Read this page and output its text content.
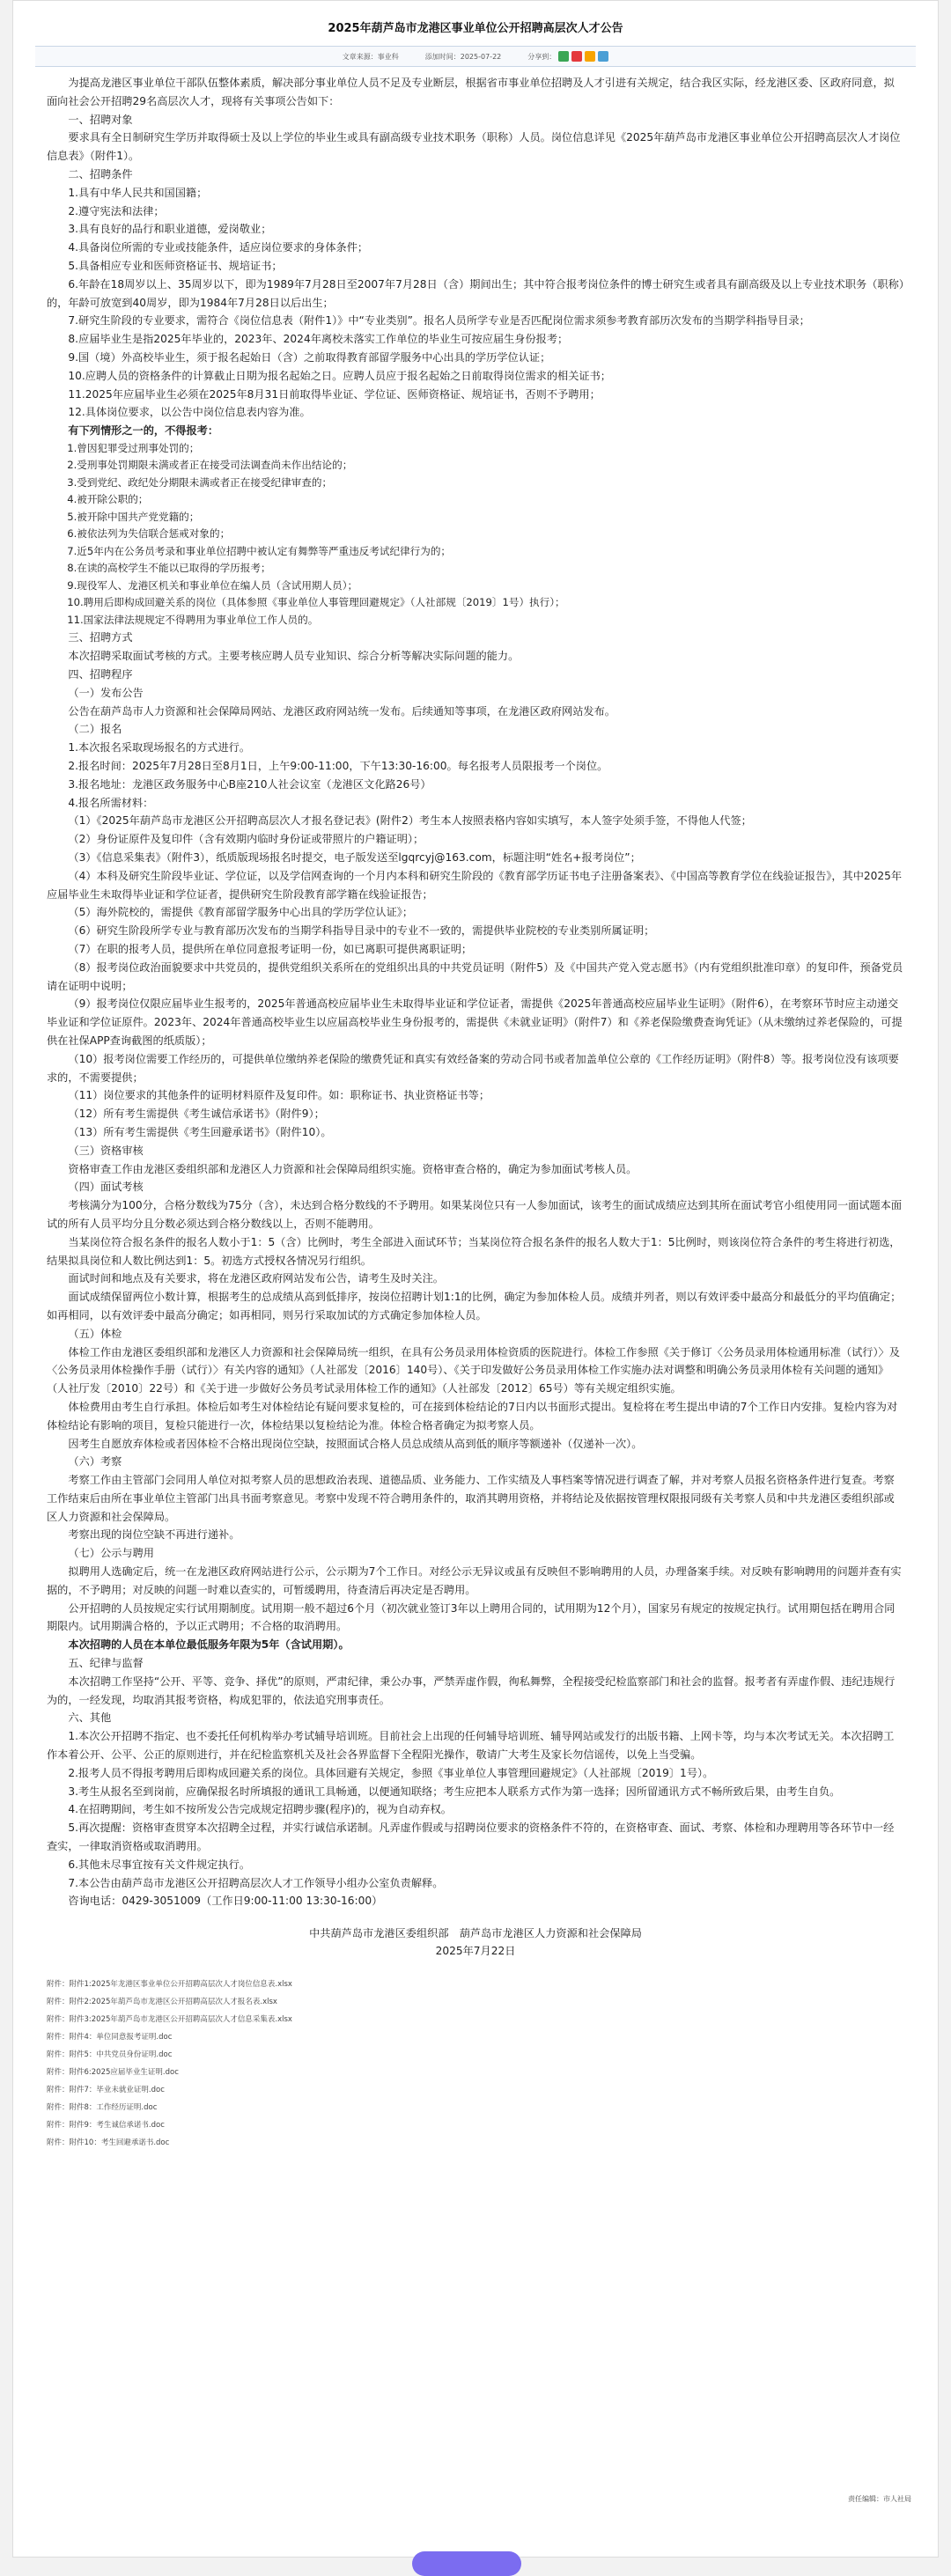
2025年葫芦岛市龙港区事业单位公开招聘高层次人才公告
文章来源：事业科	添加时间：2025-07-22	分享到：

为提高龙港区事业单位干部队伍整体素质，解决部分事业单位人员不足及专业断层，根据省市事业单位招聘及人才引进有关规定，结合我区实际，经龙港区委、区政府同意，拟面向社会公开招聘29名高层次人才，现将有关事项公告如下：

一、招聘对象

要求具有全日制研究生学历并取得硕士及以上学位的毕业生或具有副高级专业技术职务（职称）人员。岗位信息详见《2025年葫芦岛市龙港区事业单位公开招聘高层次人才岗位信息表》（附件1）。

二、招聘条件

1.具有中华人民共和国国籍；

2.遵守宪法和法律；

3.具有良好的品行和职业道德，爱岗敬业；

4.具备岗位所需的专业或技能条件，适应岗位要求的身体条件；

5.具备相应专业和医师资格证书、规培证书；

6.年龄在18周岁以上、35周岁以下，即为1989年7月28日至2007年7月28日（含）期间出生；其中符合报考岗位条件的博士研究生或者具有副高级及以上专业技术职务（职称）的，年龄可放宽到40周岁，即为1984年7月28日以后出生；

7.研究生阶段的专业要求，需符合《岗位信息表（附件1）》中“专业类别”。报名人员所学专业是否匹配岗位需求须参考教育部历次发布的当期学科指导目录；

8.应届毕业生是指2025年毕业的，2023年、2024年离校未落实工作单位的毕业生可按应届生身份报考；

9.国（境）外高校毕业生，须于报名起始日（含）之前取得教育部留学服务中心出具的学历学位认证；

10.应聘人员的资格条件的计算截止日期为报名起始之日。应聘人员应于报名起始之日前取得岗位需求的相关证书；

11.2025年应届毕业生必须在2025年8月31日前取得毕业证、学位证、医师资格证、规培证书，否则不予聘用；

12.具体岗位要求，以公告中岗位信息表内容为准。

有下列情形之一的，不得报考：

1.曾因犯罪受过刑事处罚的；

2.受刑事处罚期限未满或者正在接受司法调查尚未作出结论的；

3.受到党纪、政纪处分期限未满或者正在接受纪律审查的；

4.被开除公职的；

5.被开除中国共产党党籍的；

6.被依法列为失信联合惩戒对象的；

7.近5年内在公务员考录和事业单位招聘中被认定有舞弊等严重违反考试纪律行为的；

8.在读的高校学生不能以已取得的学历报考；

9.现役军人、龙港区机关和事业单位在编人员（含试用期人员）；

10.聘用后即构成回避关系的岗位（具体参照《事业单位人事管理回避规定》（人社部规〔2019〕1号）执行）；

11.国家法律法规规定不得聘用为事业单位工作人员的。

三、招聘方式

本次招聘采取面试考核的方式。主要考核应聘人员专业知识、综合分析等解决实际问题的能力。

四、招聘程序

（一）发布公告

公告在葫芦岛市人力资源和社会保障局网站、龙港区政府网站统一发布。后续通知等事项，在龙港区政府网站发布。

（二）报名

1.本次报名采取现场报名的方式进行。

2.报名时间：2025年7月28日至8月1日，上午9:00-11:00，下午13:30-16:00。每名报考人员限报考一个岗位。

3.报名地址：龙港区政务服务中心B座210人社会议室（龙港区文化路26号）

4.报名所需材料：

（1）《2025年葫芦岛市龙港区公开招聘高层次人才报名登记表》(附件2）考生本人按照表格内容如实填写，本人签字处须手签，不得他人代签；

（2）身份证原件及复印件（含有效期内临时身份证或带照片的户籍证明）；

（3）《信息采集表》（附件3），纸质版现场报名时提交，电子版发送至lgqrcyj@163.com，标题注明“姓名+报考岗位”；

（4）本科及研究生阶段毕业证、学位证，以及学信网查询的一个月内本科和研究生阶段的《教育部学历证书电子注册备案表》、《中国高等教育学位在线验证报告》，其中2025年应届毕业生未取得毕业证和学位证者，提供研究生阶段教育部学籍在线验证报告；

（5）海外院校的，需提供《教育部留学服务中心出具的学历学位认证》；

（6）研究生阶段所学专业与教育部历次发布的当期学科指导目录中的专业不一致的，需提供毕业院校的专业类别所属证明；

（7）在职的报考人员，提供所在单位同意报考证明一份，如已离职可提供离职证明；

（8）报考岗位政治面貌要求中共党员的，提供党组织关系所在的党组织出具的中共党员证明（附件5）及《中国共产党入党志愿书》（内有党组织批准印章）的复印件，预备党员请在证明中说明；

（9）报考岗位仅限应届毕业生报考的，2025年普通高校应届毕业生未取得毕业证和学位证者，需提供《2025年普通高校应届毕业生证明》（附件6），在考察环节时应主动递交毕业证和学位证原件。2023年、2024年普通高校毕业生以应届高校毕业生身份报考的，需提供《未就业证明》（附件7）和《养老保险缴费查询凭证》（从未缴纳过养老保险的，可提供在社保APP查询截图的纸质版）；

（10）报考岗位需要工作经历的，可提供单位缴纳养老保险的缴费凭证和真实有效经备案的劳动合同书或者加盖单位公章的《工作经历证明》（附件8）等。报考岗位没有该项要求的，不需要提供；

（11）岗位要求的其他条件的证明材料原件及复印件。如：职称证书、执业资格证书等；

（12）所有考生需提供《考生诚信承诺书》（附件9）；

（13）所有考生需提供《考生回避承诺书》（附件10）。

（三）资格审核

资格审查工作由龙港区委组织部和龙港区人力资源和社会保障局组织实施。资格审查合格的，确定为参加面试考核人员。

（四）面试考核

考核满分为100分，合格分数线为75分（含），未达到合格分数线的不予聘用。如果某岗位只有一人参加面试，该考生的面试成绩应达到其所在面试考官小组使用同一面试题本面试的所有人员平均分且分数必须达到合格分数线以上，否则不能聘用。

当某岗位符合报名条件的报名人数小于1：5（含）比例时，考生全部进入面试环节；当某岗位符合报名条件的报名人数大于1：5比例时，则该岗位符合条件的考生将进行初选，结果拟具岗位和人数比例达到1：5。初选方式授权各情况另行组织。

面试时间和地点及有关要求，将在龙港区政府网站发布公告，请考生及时关注。

面试成绩保留两位小数计算，根据考生的总成绩从高到低排序，按岗位招聘计划1:1的比例，确定为参加体检人员。成绩并列者，则以有效评委中最高分和最低分的平均值确定；如再相同，以有效评委中最高分确定；如再相同，则另行采取加试的方式确定参加体检人员。

（五）体检

体检工作由龙港区委组织部和龙港区人力资源和社会保障局统一组织，在具有公务员录用体检资质的医院进行。体检工作参照《关于修订〈公务员录用体检通用标准（试行）〉及〈公务员录用体检操作手册（试行）〉有关内容的通知》（人社部发〔2016〕140号）、《关于印发做好公务员录用体检工作实施办法对调整和明确公务员录用体检有关问题的通知》（人社厅发〔2010〕22号）和《关于进一步做好公务员考试录用体检工作的通知》（人社部发〔2012〕65号）等有关规定组织实施。

体检费用由考生自行承担。体检后如考生对体检结论有疑问要求复检的，可在接到体检结论的7日内以书面形式提出。复检将在考生提出申请的7个工作日内安排。复检内容为对体检结论有影响的项目，复检只能进行一次，体检结果以复检结论为准。体检合格者确定为拟考察人员。

因考生自愿放弃体检或者因体检不合格出现岗位空缺，按照面试合格人员总成绩从高到低的顺序等额递补（仅递补一次）。

（六）考察

考察工作由主管部门会同用人单位对拟考察人员的思想政治表现、道德品质、业务能力、工作实绩及人事档案等情况进行调查了解，并对考察人员报名资格条件进行复查。考察工作结束后由所在事业单位主管部门出具书面考察意见。考察中发现不符合聘用条件的，取消其聘用资格，并将结论及依据按管理权限报同级有关考察人员和中共龙港区委组织部或区人力资源和社会保障局。

考察出现的岗位空缺不再进行递补。

（七）公示与聘用

拟聘用人选确定后，统一在龙港区政府网站进行公示，公示期为7个工作日。对经公示无异议或虽有反映但不影响聘用的人员，办理备案手续。对反映有影响聘用的问题并查有实据的，不予聘用；对反映的问题一时难以查实的，可暂缓聘用，待查清后再决定是否聘用。

公开招聘的人员按规定实行试用期制度。试用期一般不超过6个月（初次就业签订3年以上聘用合同的，试用期为12个月），国家另有规定的按规定执行。试用期包括在聘用合同期限内。试用期满合格的，予以正式聘用；不合格的取消聘用。

本次招聘的人员在本单位最低服务年限为5年（含试用期）。

五、纪律与监督

本次招聘工作坚持“公开、平等、竞争、择优”的原则，严肃纪律，秉公办事，严禁弄虚作假，徇私舞弊，全程接受纪检监察部门和社会的监督。报考者有弄虚作假、违纪违规行为的，一经发现，均取消其报考资格，构成犯罪的，依法追究刑事责任。

六、其他

1.本次公开招聘不指定、也不委托任何机构举办考试辅导培训班。目前社会上出现的任何辅导培训班、辅导网站或发行的出版书籍、上网卡等，均与本次考试无关。本次招聘工作本着公开、公平、公正的原则进行，并在纪检监察机关及社会各界监督下全程阳光操作，敬请广大考生及家长勿信谣传，以免上当受骗。

2.报考人员不得报考聘用后即构成回避关系的岗位。具体回避有关规定，参照《事业单位人事管理回避规定》（人社部规〔2019〕1号）。

3.考生从报名至到岗前，应确保报名时所填报的通讯工具畅通，以便通知联络；考生应把本人联系方式作为第一选择；因所留通讯方式不畅所致后果，由考生自负。

4.在招聘期间，考生如不按所发公告完成规定招聘步骤(程序)的，视为自动弃权。

5.再次提醒：资格审查贯穿本次招聘全过程，并实行诚信承诺制。凡弄虚作假或与招聘岗位要求的资格条件不符的，在资格审查、面试、考察、体检和办理聘用等各环节中一经查实，一律取消资格或取消聘用。

6.其他未尽事宜按有关文件规定执行。

7.本公告由葫芦岛市龙港区公开招聘高层次人才工作领导小组办公室负责解释。

咨询电话：0429-3051009（工作日9:00-11:00 13:30-16:00）

中共葫芦岛市龙港区委组织部　葫芦岛市龙港区人力资源和社会保障局
2025年7月22日
附件：附件1:2025年龙港区事业单位公开招聘高层次人才岗位信息表.xlsx
附件：附件2:2025年葫芦岛市龙港区公开招聘高层次人才报名表.xlsx
附件：附件3:2025年葫芦岛市龙港区公开招聘高层次人才信息采集表.xlsx
附件：附件4：单位同意报考证明.doc
附件：附件5：中共党员身份证明.doc
附件：附件6:2025应届毕业生证明.doc
附件：附件7：毕业未就业证明.doc
附件：附件8：工作经历证明.doc
附件：附件9：考生诚信承诺书.doc
附件：附件10：考生回避承诺书.doc
责任编辑：市人社局
